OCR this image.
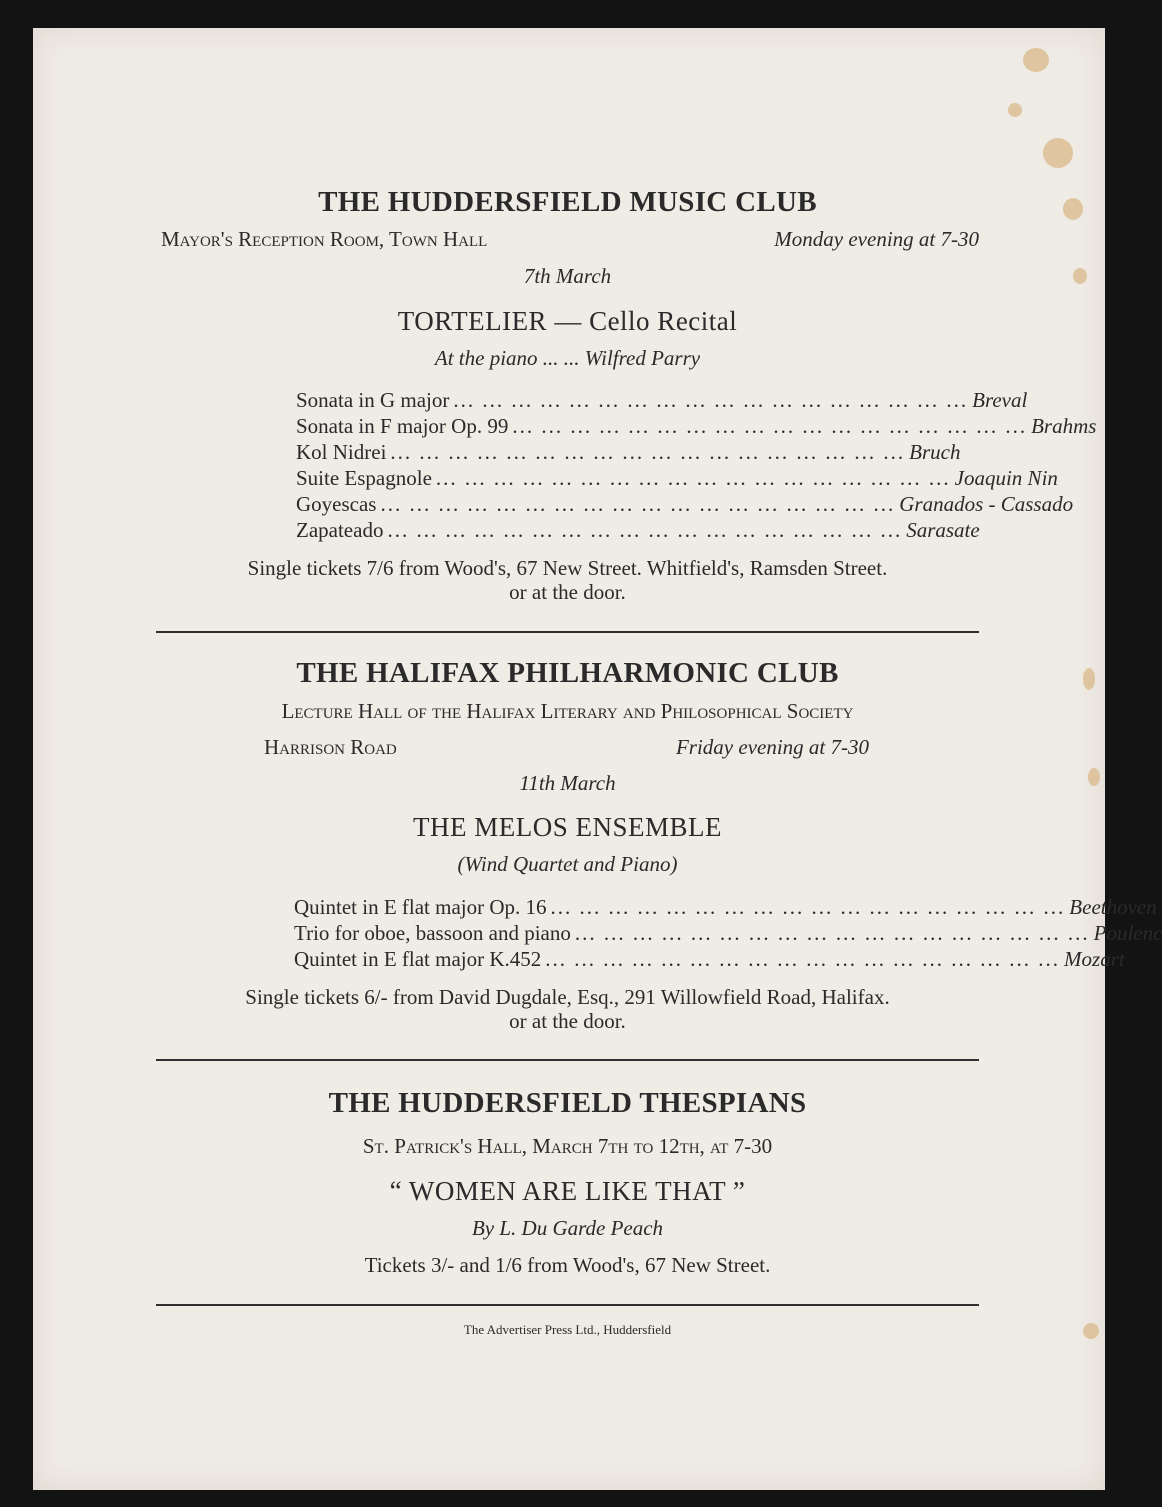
THE HUDDERSFIELD MUSIC CLUB
Mayor's Reception Room, Town Hall	Monday evening at 7-30
7th March
TORTELIER — Cello Recital
At the piano ... ... Wilfred Parry
Sonata in G major ... ... ... ... ... ... ... ... ... ... ... ... ... ... ... ... ... ... Breval
Sonata in F major Op. 99 ... ... ... ... ... ... ... ... ... ... ... ... ... ... ... ... ... ... Brahms
Kol Nidrei ... ... ... ... ... ... ... ... ... ... ... ... ... ... ... ... ... ... Bruch
Suite Espagnole ... ... ... ... ... ... ... ... ... ... ... ... ... ... ... ... ... ... Joaquin Nin
Goyescas ... ... ... ... ... ... ... ... ... ... ... ... ... ... ... ... ... ... Granados - Cassado
Zapateado ... ... ... ... ... ... ... ... ... ... ... ... ... ... ... ... ... ... Sarasate
Single tickets 7/6 from Wood's, 67 New Street. Whitfield's, Ramsden Street.
or at the door.
THE HALIFAX PHILHARMONIC CLUB
Lecture Hall of the Halifax Literary and Philosophical Society
Harrison Road	Friday evening at 7-30
11th March
THE MELOS ENSEMBLE
(Wind Quartet and Piano)
Quintet in E flat major Op. 16 ... ... ... ... ... ... ... ... ... ... ... ... ... ... ... ... ... ... Beethoven
Trio for oboe, bassoon and piano ... ... ... ... ... ... ... ... ... ... ... ... ... ... ... ... ... ... Poulenc
Quintet in E flat major K.452 ... ... ... ... ... ... ... ... ... ... ... ... ... ... ... ... ... ... Mozart
Single tickets 6/- from David Dugdale, Esq., 291 Willowfield Road, Halifax.
or at the door.
THE HUDDERSFIELD THESPIANS
St. Patrick's Hall, March 7th to 12th, at 7-30
“ WOMEN ARE LIKE THAT ”
By L. Du Garde Peach
Tickets 3/- and 1/6 from Wood's, 67 New Street.
The Advertiser Press Ltd., Huddersfield
